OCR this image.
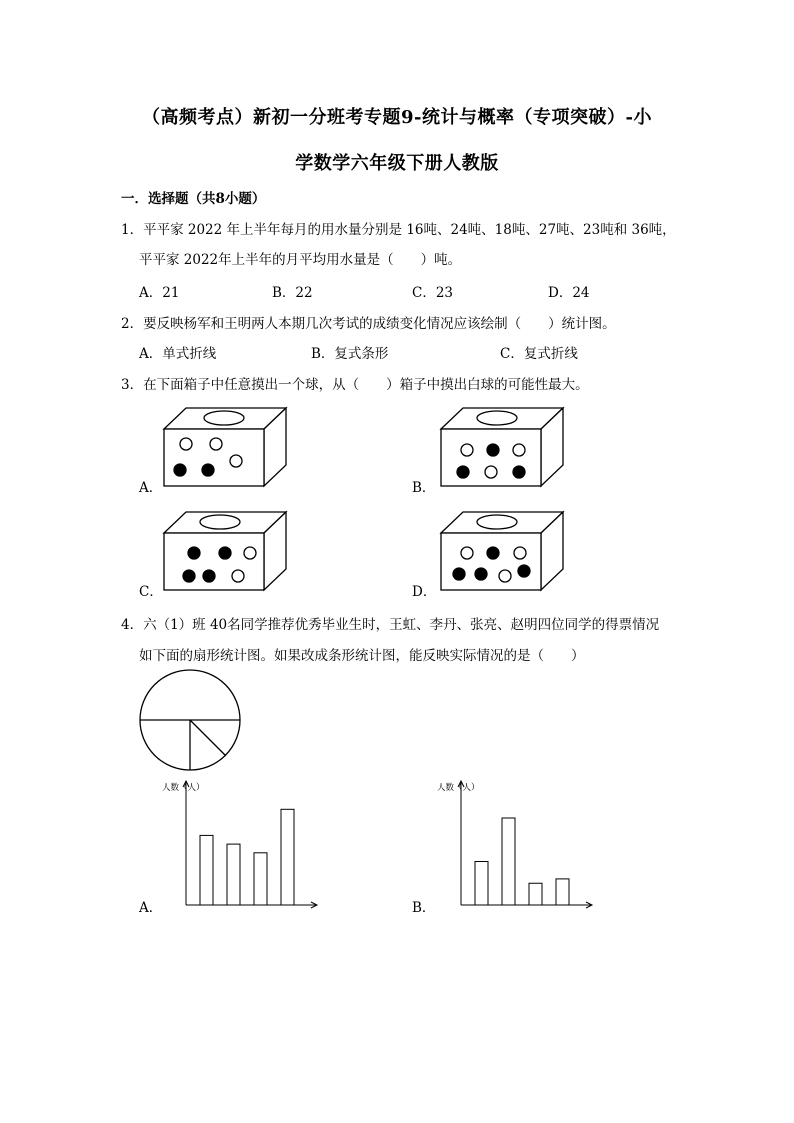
（高频考点）新初一分班考专题9-统计与概率（专项突破）-小
学数学六年级下册人教版
一．选择题（共8小题）
1．平平家 2022 年上半年每月的用水量分别是 16吨、24吨、18吨、27吨、23吨和 36吨，
平平家 2022年上半年的月平均用水量是（　　）吨。
A．21	B．22	C．23	D．24
2．要反映杨军和王明两人本期几次考试的成绩变化情况应该绘制（　　）统计图。
A．单式折线	B．复式条形	C．复式折线
3．在下面箱子中任意摸出一个球，从（　　）箱子中摸出白球的可能性最大。
A．	B．
C．	D．
4．六（1）班 40名同学推荐优秀毕业生时，王虹、李丹、张亮、赵明四位同学的得票情况
如下面的扇形统计图。如果改成条形统计图，能反映实际情况的是（　　）
A．	B．
人数（人）	人数（人）
